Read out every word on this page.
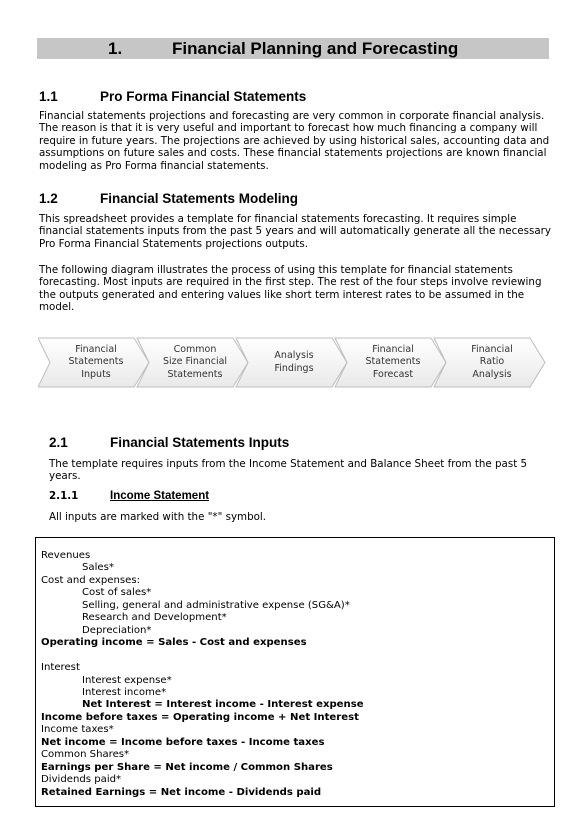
1.	Financial Planning and Forecasting
1.1	Pro Forma Financial Statements

Financial statements projections and forecasting are very common in corporate financial analysis.

The reason is that it is very useful and important to forecast how much financing a company will

require in future years. The projections are achieved by using historical sales, accounting data and

assumptions on future sales and costs. These financial statements projections are known financial

modeling as Pro Forma financial statements.

1.2	Financial Statements Modeling

This spreadsheet provides a template for financial statements forecasting. It requires simple

financial statements inputs from the past 5 years and will automatically generate all the necessary

Pro Forma Financial Statements projections outputs.

The following diagram illustrates the process of using this template for financial statements

forecasting. Most inputs are required in the first step. The rest of the four steps involve reviewing

the outputs generated and entering values like short term interest rates to be assumed in the

model.

Financial
Statements
Inputs
Common
Size Financial
Statements
Analysis
Findings
Financial
Statements
Forecast
Financial
Ratio
Analysis
2.1	Financial Statements Inputs

The template requires inputs from the Income Statement and Balance Sheet from the past 5

years.

2.1.1	Income Statement
All inputs are marked with the "*" symbol.
Revenues
Sales*
Cost and expenses:
Cost of sales*
Selling, general and administrative expense (SG&A)*
Research and Development*
Depreciation*
Operating income = Sales - Cost and expenses
Interest
Interest expense*
Interest income*
Net Interest = Interest income - Interest expense
Income before taxes = Operating income + Net Interest
Income taxes*
Net income = Income before taxes - Income taxes
Common Shares*
Earnings per Share = Net income / Common Shares
Dividends paid*
Retained Earnings = Net income - Dividends paid
